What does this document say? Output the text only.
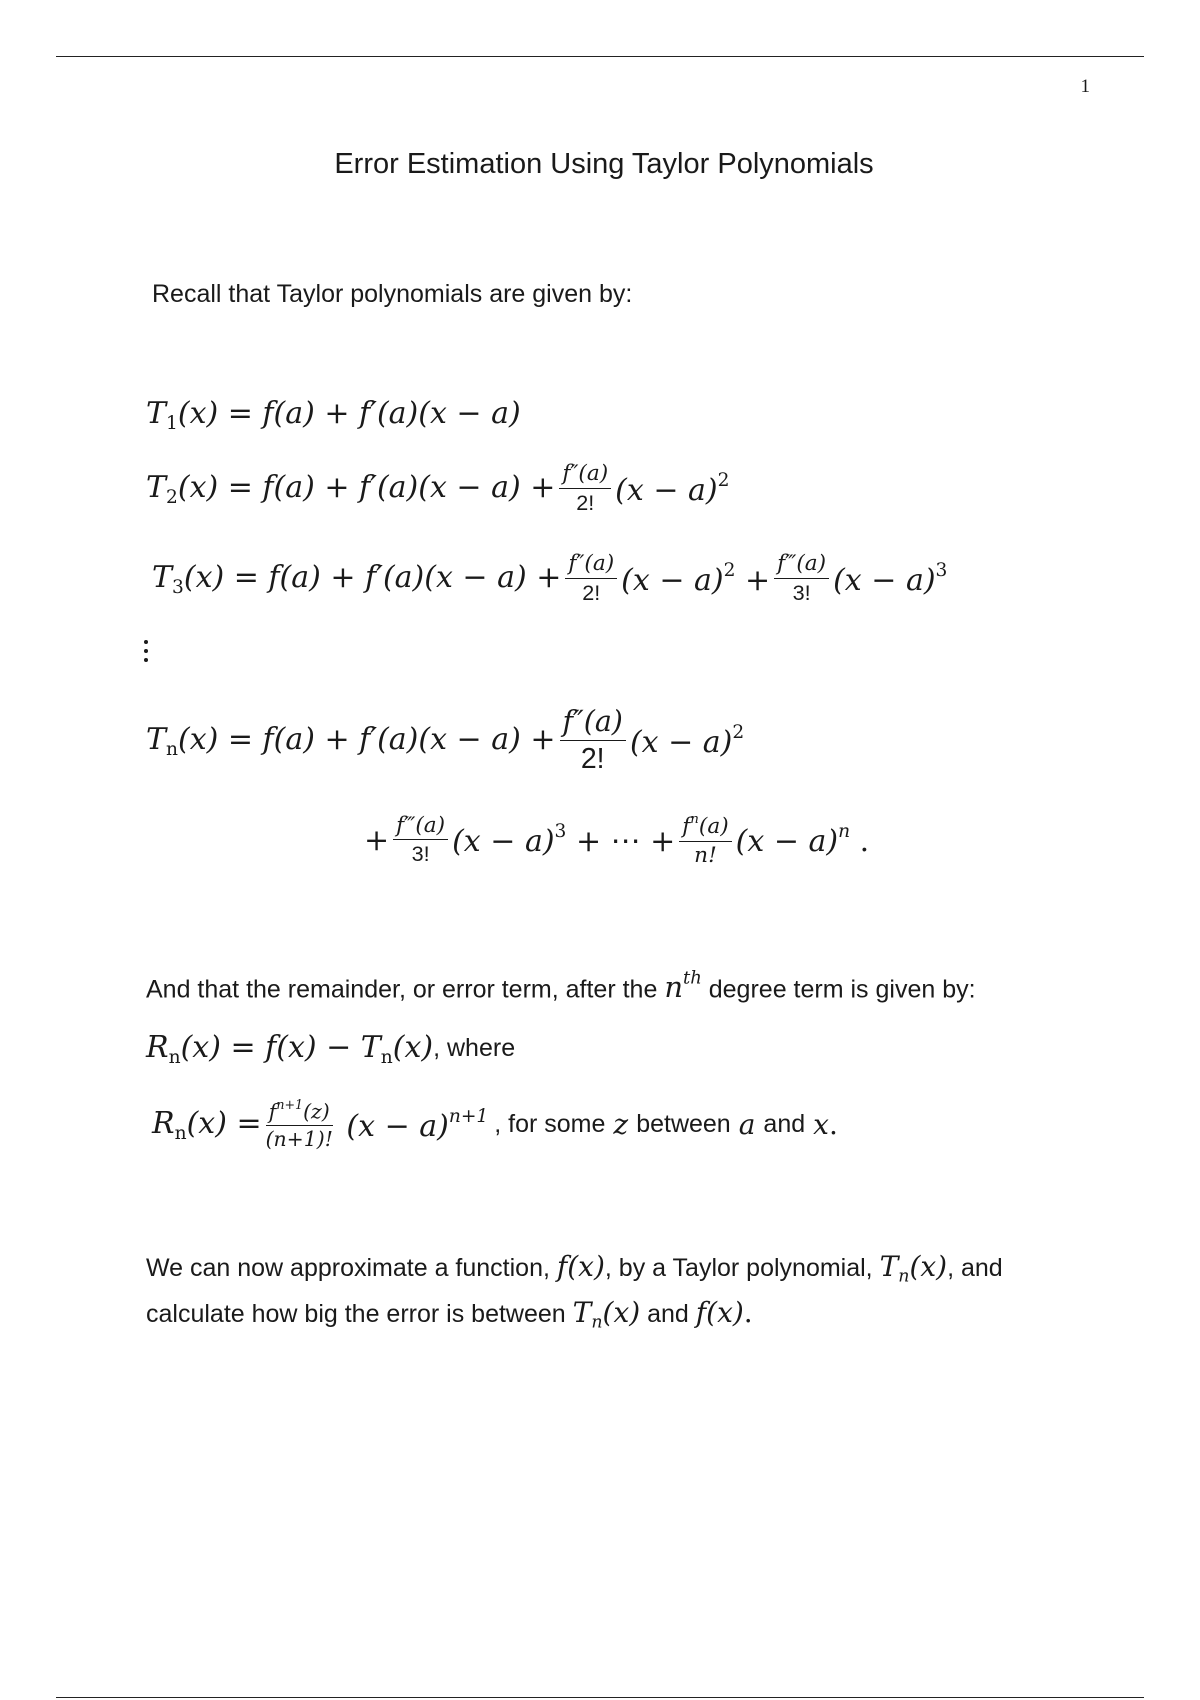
1
Error Estimation Using Taylor Polynomials
Recall that Taylor polynomials are given by:
$T_1(x) = f(a) + f'(a)(x - a)$
$T_2(x) = f(a) + f'(a)(x - a) + \frac{f''(a)}{2!} (x - a)^2$
$T_3(x) = f(a) + f'(a)(x - a) + \frac{f''(a)}{2!} (x - a)^2 + \frac{f‴(a)}{3!} (x - a)^3$
$T_n(x) = f(a) + f'(a)(x - a) + \frac{f''(a)}{2!} (x - a)^2$
+ $\frac{f‴(a)}{3!} (x - a)^3$ + ⋯ + $\frac{f^n(a)}{n!} (x - a)^n$ .
And that the remainder, or error term, after the $n^{th}$ degree term is given by:
$R_n(x) = f(x) - T_n(x)$ , where
$R_n(x) = \frac{f^{n+1}(z)}{(n+1)!} (x - a)^{n+1}$ , for some z between a and x .
We can now approximate a function, f(x), by a Taylor polynomial, $T_n(x)$, and
calculate how big the error is between $T_n(x)$ and f(x).
